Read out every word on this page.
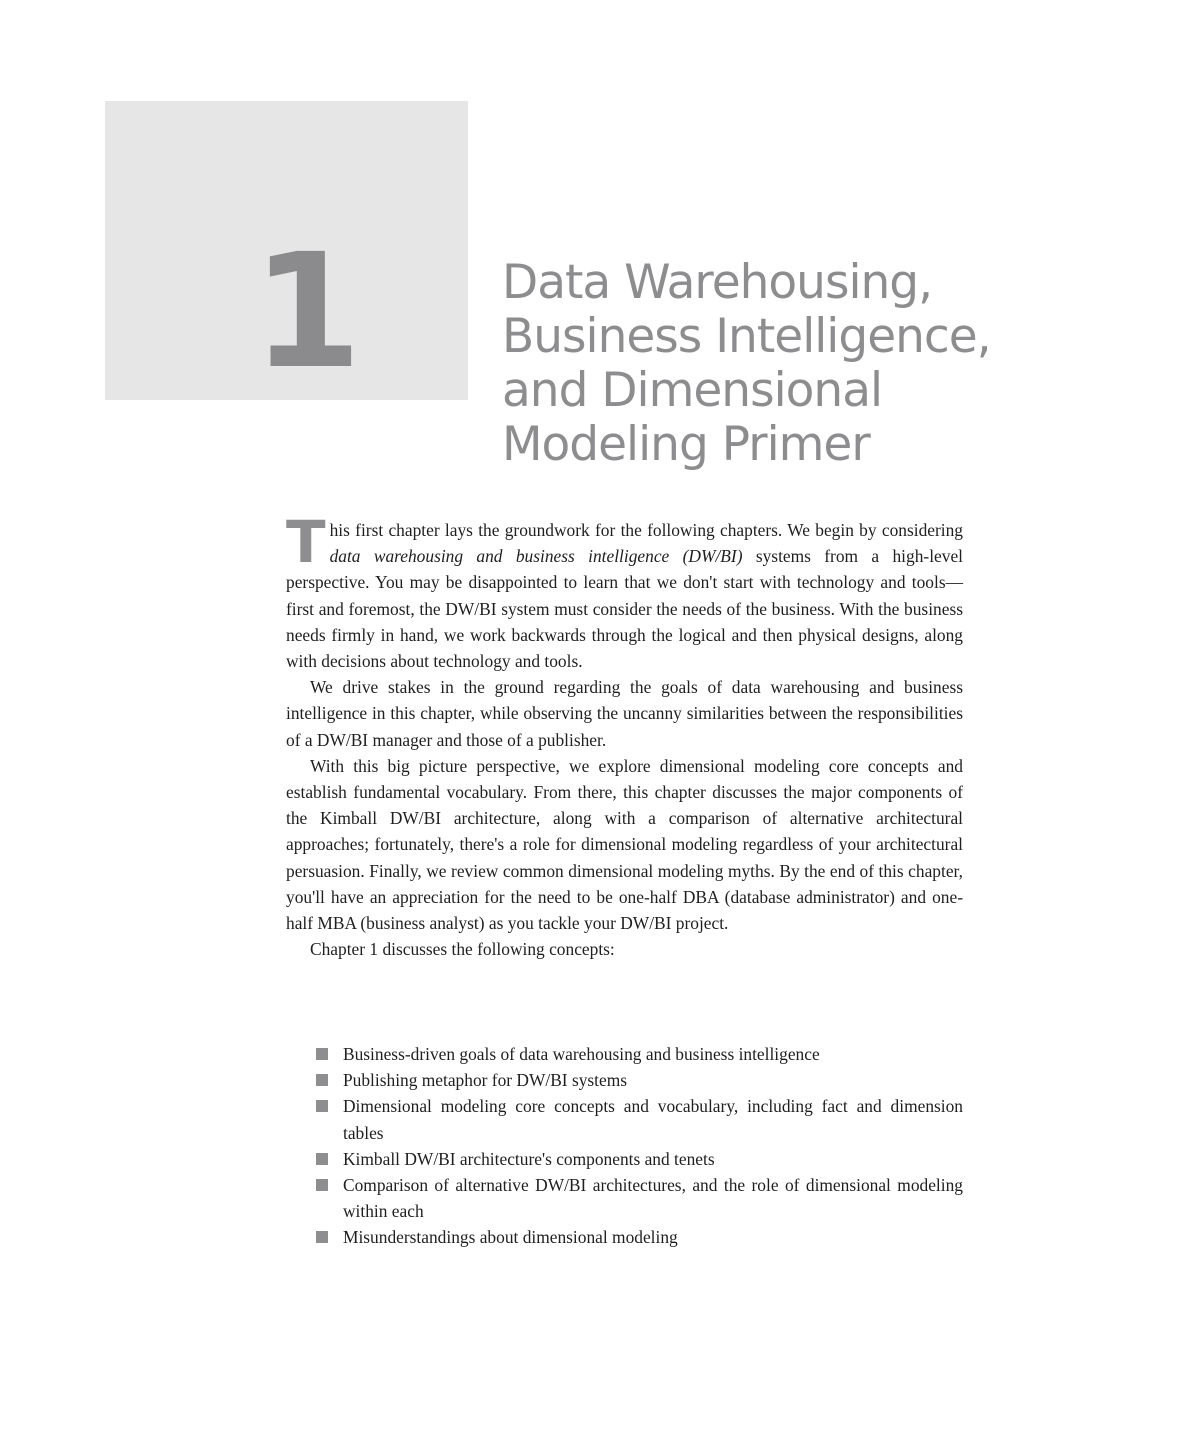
1	Data Warehousing,
Business Intelligence,
and Dimensional
Modeling Primer

This first chapter lays the groundwork for the following chapters. We begin by considering data warehousing and business intelligence (DW/BI) systems from a high-level perspective. You may be disappointed to learn that we don't start with technology and tools—first and foremost, the DW/BI system must consider the needs of the business. With the business needs firmly in hand, we work backwards through the logical and then physical designs, along with decisions about technology and tools.

We drive stakes in the ground regarding the goals of data warehousing and business intelligence in this chapter, while observing the uncanny similarities between the responsibilities of a DW/BI manager and those of a publisher.

With this big picture perspective, we explore dimensional modeling core concepts and establish fundamental vocabulary. From there, this chapter discusses the major components of the Kimball DW/BI architecture, along with a comparison of alternative architectural approaches; fortunately, there's a role for dimensional modeling regardless of your architectural persuasion. Finally, we review common dimensional modeling myths. By the end of this chapter, you'll have an appreciation for the need to be one-half DBA (database administrator) and one-half MBA (business analyst) as you tackle your DW/BI project.

Chapter 1 discusses the following concepts:

Business-driven goals of data warehousing and business intelligence
Publishing metaphor for DW/BI systems
Dimensional modeling core concepts and vocabulary, including fact and dimension tables
Kimball DW/BI architecture's components and tenets
Comparison of alternative DW/BI architectures, and the role of dimensional modeling within each
Misunderstandings about dimensional modeling
